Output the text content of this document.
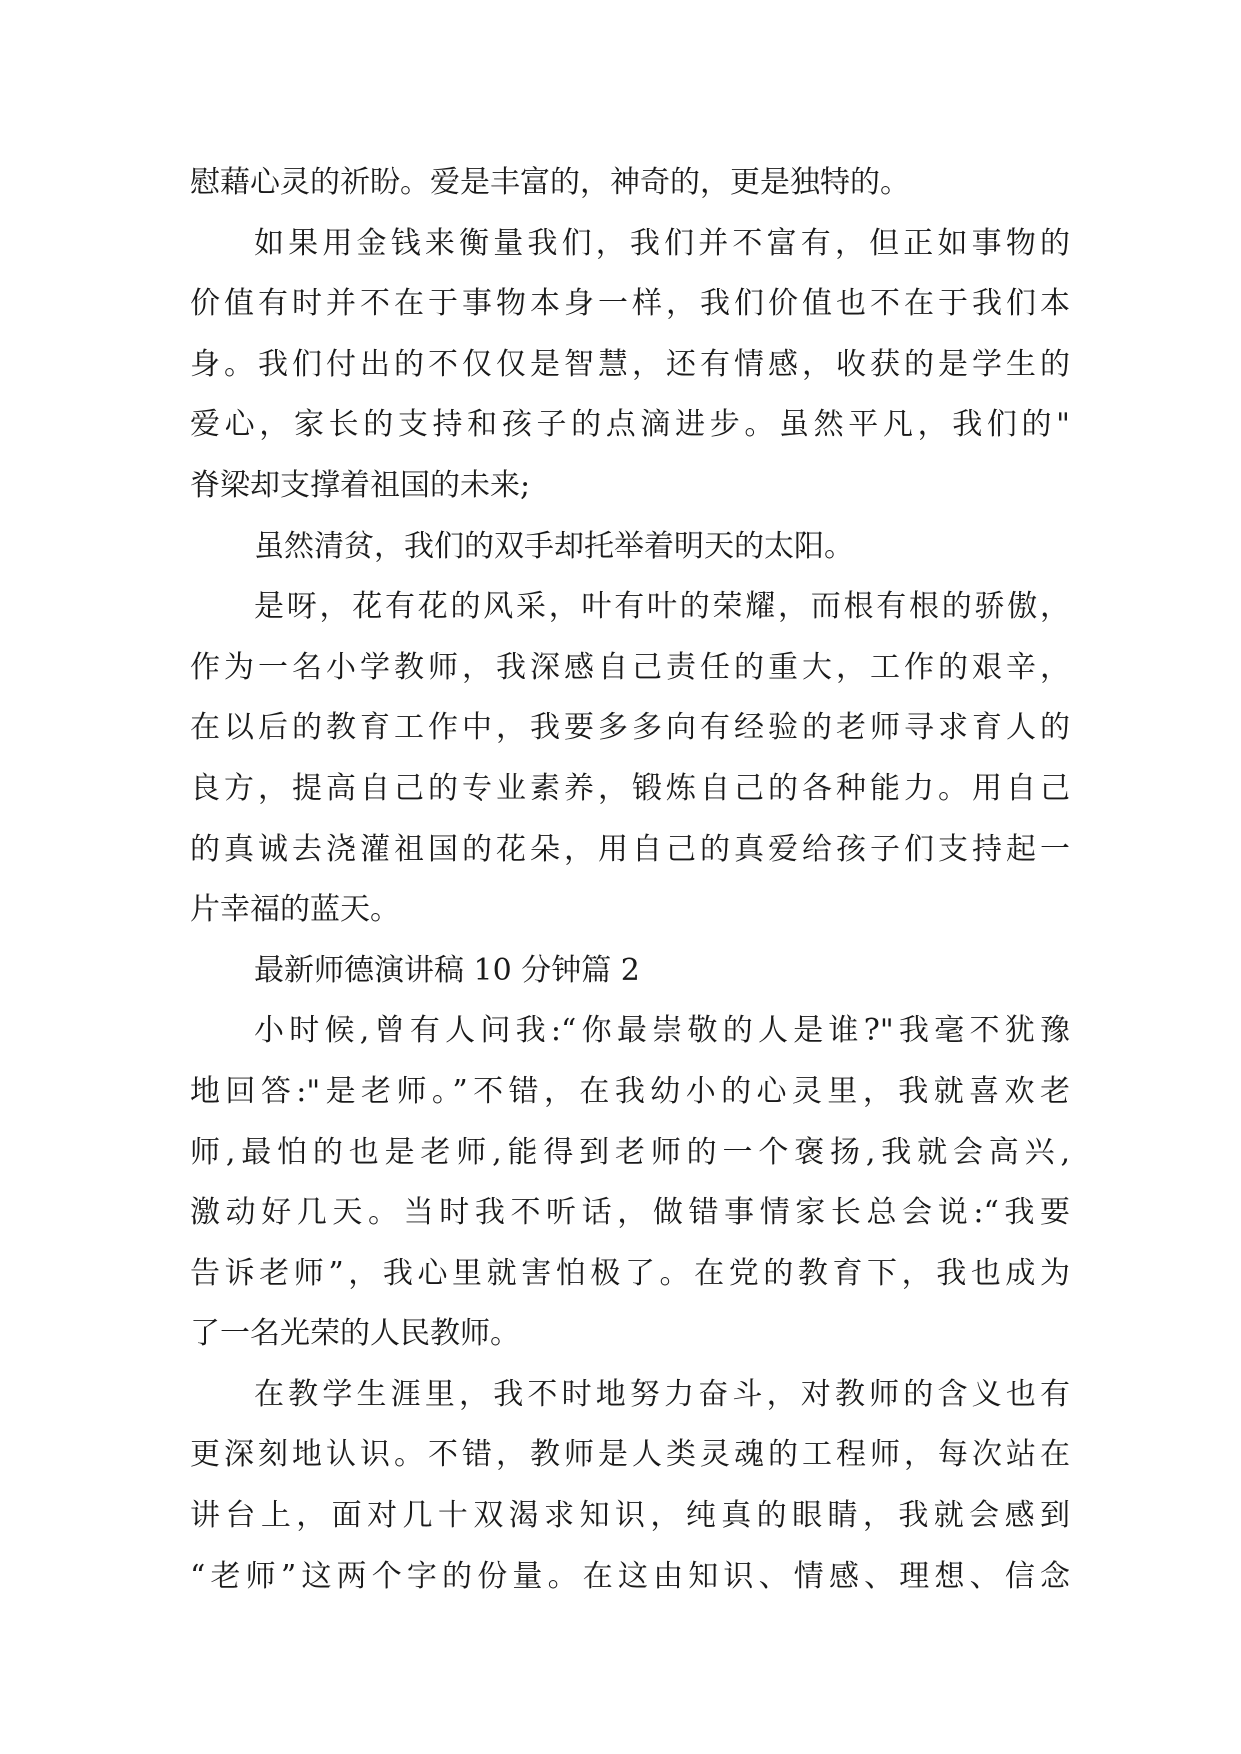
慰藉心灵的祈盼。爱是丰富的，神奇的，更是独特的。
如果用金钱来衡量我们，我们并不富有，但正如事物的
价值有时并不在于事物本身一样，我们价值也不在于我们本
身。我们付出的不仅仅是智慧，还有情感，收获的是学生的
爱心，家长的支持和孩子的点滴进步。虽然平凡，我们的"
脊梁却支撑着祖国的未来;
虽然清贫，我们的双手却托举着明天的太阳。
是呀，花有花的风采，叶有叶的荣耀，而根有根的骄傲，
作为一名小学教师，我深感自己责任的重大，工作的艰辛，
在以后的教育工作中，我要多多向有经验的老师寻求育人的
良方，提高自己的专业素养，锻炼自己的各种能力。用自己
的真诚去浇灌祖国的花朵，用自己的真爱给孩子们支持起一
片幸福的蓝天。
最新师德演讲稿 10 分钟篇 2
小时候,曾有人问我:“你最崇敬的人是谁?"我毫不犹豫
地回答:"是老师。”不错，在我幼小的心灵里，我就喜欢老
师,最怕的也是老师,能得到老师的一个褒扬,我就会高兴,
激动好几天。当时我不听话，做错事情家长总会说:“我要
告诉老师”，我心里就害怕极了。在党的教育下，我也成为
了一名光荣的人民教师。
在教学生涯里，我不时地努力奋斗，对教师的含义也有
更深刻地认识。不错，教师是人类灵魂的工程师，每次站在
讲台上，面对几十双渴求知识，纯真的眼睛，我就会感到
“老师”这两个字的份量。在这由知识、情感、理想、信念
